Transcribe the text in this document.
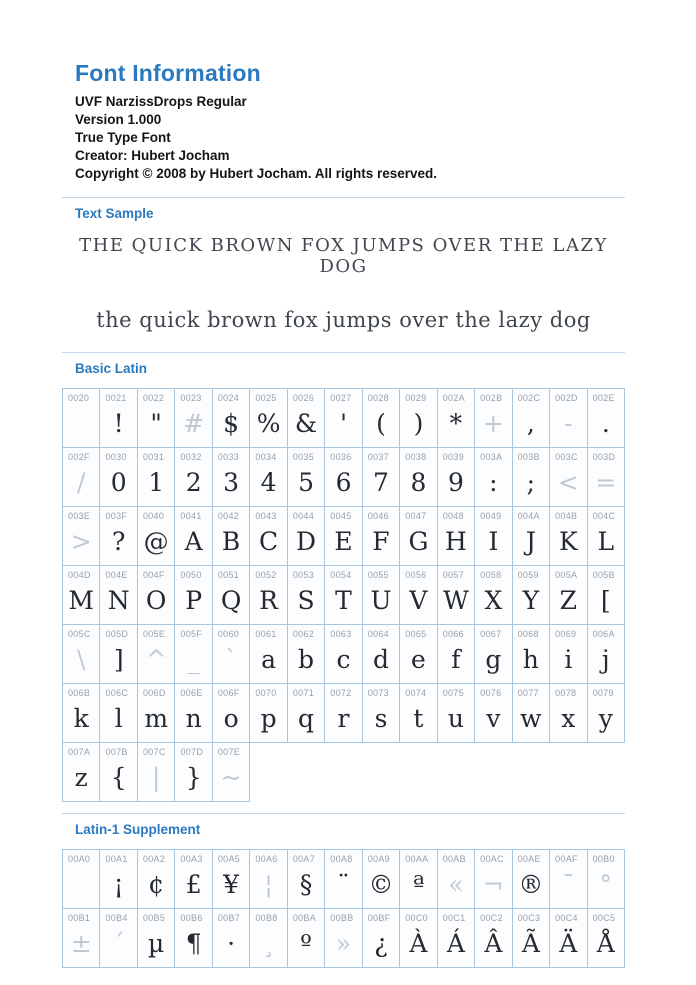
Font Information
UVF NarzissDrops Regular
Version 1.000
True Type Font
Creator: Hubert Jocham
Copyright © 2008 by Hubert Jocham. All rights reserved.
Text Sample
THE QUICK BROWN FOX JUMPS OVER THE LAZY DOG
the quick brown fox jumps over the lazy dog
Basic Latin
0020	0021
!
0022
"
0023
#
0024
$
0025
%
0026
&
0027
'
0028
(
0029
)
002A
*
002B
+
002C
,
002D
-
002E
.
002F
/
0030
0
0031
1
0032
2
0033
3
0034
4
0035
5
0036
6
0037
7
0038
8
0039
9
003A
:
003B
;
003C
<
003D
=
003E
>
003F
?
0040
@
0041
A
0042
B
0043
C
0044
D
0045
E
0046
F
0047
G
0048
H
0049
I
004A
J
004B
K
004C
L
004D
M
004E
N
004F
O
0050
P
0051
Q
0052
R
0053
S
0054
T
0055
U
0056
V
0057
W
0058
X
0059
Y
005A
Z
005B
[
005C
\
005D
]
005E
^
005F
_
0060
`
0061
a
0062
b
0063
c
0064
d
0065
e
0066
f
0067
g
0068
h
0069
i
006A
j
006B
k
006C
l
006D
m
006E
n
006F
o
0070
p
0071
q
0072
r
0073
s
0074
t
0075
u
0076
v
0077
w
0078
x
0079
y
007A
z
007B
{
007C
|
007D
}
007E
~
Latin-1 Supplement
00A0	00A1
¡
00A2
¢
00A3
£
00A5
¥
00A6
¦
00A7
§
00A8
¨
00A9
©
00AA
ª
00AB
«
00AC
¬
00AE
®
00AF
¯
00B0
°
00B1
±
00B4
´
00B5
µ
00B6
¶
00B7
·
00B8
¸
00BA
º
00BB
»
00BF
¿
00C0
À
00C1
Á
00C2
Â
00C3
Ã
00C4
Ä
00C5
Å
